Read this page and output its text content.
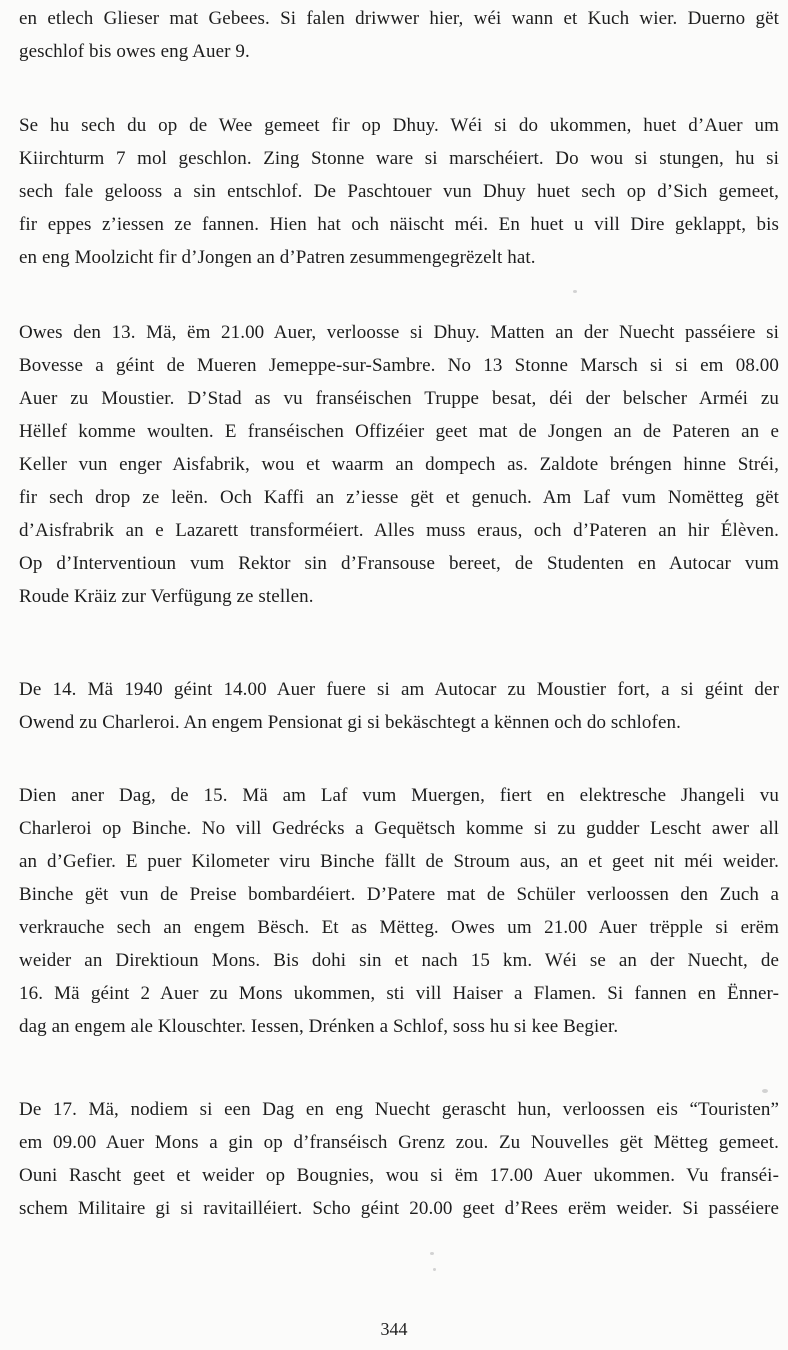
en etlech Glieser mat Gebees. Si falen driwwer hier, wéi wann et Kuch wier. Duerno gët
geschlof bis owes eng Auer 9.
Se hu sech du op de Wee gemeet fir op Dhuy. Wéi si do ukommen, huet d’Auer um
Kiirchturm 7 mol geschlon. Zing Stonne ware si marschéiert. Do wou si stungen, hu si
sech fale gelooss a sin entschlof. De Paschtouer vun Dhuy huet sech op d’Sich gemeet,
fir eppes z’iessen ze fannen. Hien hat och näischt méi. En huet u vill Dire geklappt, bis
en eng Moolzicht fir d’Jongen an d’Patren zesummengegrëzelt hat.
Owes den 13. Mä, ëm 21.00 Auer, verloosse si Dhuy. Matten an der Nuecht passéiere si
Bovesse a géint de Mueren Jemeppe-sur-Sambre. No 13 Stonne Marsch si si em 08.00
Auer zu Moustier. D’Stad as vu franséischen Truppe besat, déi der belscher Arméi zu
Hëllef komme woulten. E franséischen Offizéier geet mat de Jongen an de Pateren an e
Keller vun enger Aisfabrik, wou et waarm an dompech as. Zaldote bréngen hinne Stréi,
fir sech drop ze leën. Och Kaffi an z’iesse gët et genuch. Am Laf vum Nomëtteg gët
d’Aisfrabrik an e Lazarett transforméiert. Alles muss eraus, och d’Pateren an hir Élèven.
Op d’Interventioun vum Rektor sin d’Fransouse bereet, de Studenten en Autocar vum
Roude Kräiz zur Verfügung ze stellen.
De 14. Mä 1940 géint 14.00 Auer fuere si am Autocar zu Moustier fort, a si géint der
Owend zu Charleroi. An engem Pensionat gi si bekäschtegt a kënnen och do schlofen.
Dien aner Dag, de 15. Mä am Laf vum Muergen, fiert en elektresche Jhangeli vu
Charleroi op Binche. No vill Gedrécks a Gequëtsch komme si zu gudder Lescht awer all
an d’Gefier. E puer Kilometer viru Binche fällt de Stroum aus, an et geet nit méi weider.
Binche gët vun de Preise bombardéiert. D’Patere mat de Schüler verloossen den Zuch a
verkrauche sech an engem Bësch. Et as Mëtteg. Owes um 21.00 Auer trëpple si erëm
weider an Direktioun Mons. Bis dohi sin et nach 15 km. Wéi se an der Nuecht, de
16. Mä géint 2 Auer zu Mons ukommen, sti vill Haiser a Flamen. Si fannen en Ënner-
dag an engem ale Klouschter. Iessen, Drénken a Schlof, soss hu si kee Begier.
De 17. Mä, nodiem si een Dag en eng Nuecht gerascht hun, verloossen eis “Touristen”
em 09.00 Auer Mons a gin op d’franséisch Grenz zou. Zu Nouvelles gët Mëtteg gemeet.
Ouni Rascht geet et weider op Bougnies, wou si ëm 17.00 Auer ukommen. Vu franséi-
schem Militaire gi si ravitailléiert. Scho géint 20.00 geet d’Rees erëm weider. Si passéiere
344
